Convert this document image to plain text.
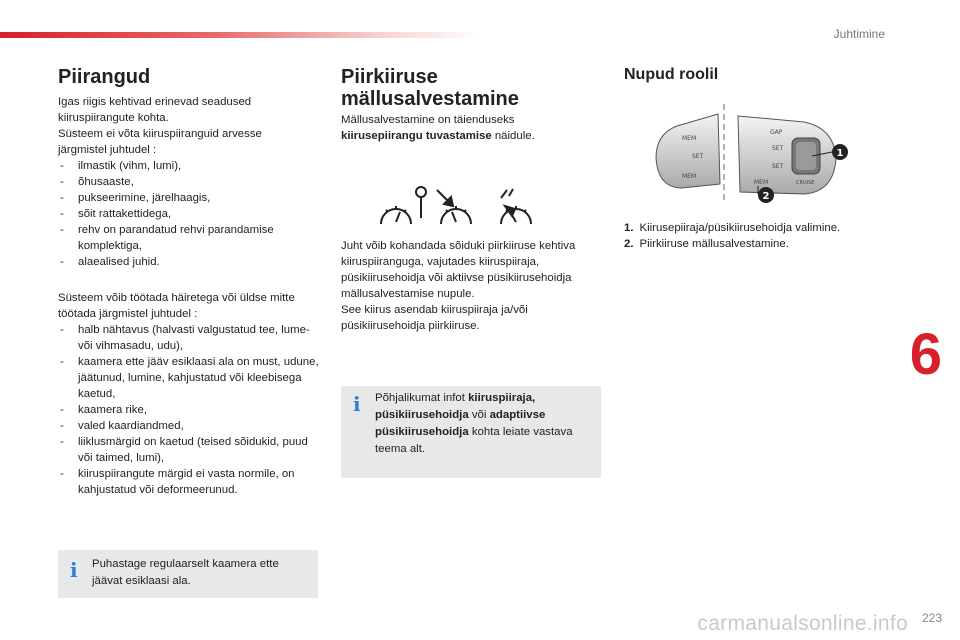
Juhtimine
6
223
carmanualsonline.info
Piirangud

Igas riigis kehtivad erinevad seadused

kiiruspiirangute kohta.

Süsteem ei võta kiiruspiiranguid arvesse

järgmistel juhtudel :

- ilmastik (vihm, lumi),
- õhusaaste,
- pukseerimine, järelhaagis,
- sõit rattakettidega,
- rehv on parandatud rehvi parandamise komplektiga,
- alaealised juhid.

Süsteem võib töötada häiretega või üldse mitte

töötada järgmistel juhtudel :

- halb nähtavus (halvasti valgustatud tee, lume- või vihmasadu, udu),
- kaamera ette jääv esiklaasi ala on must, udune, jäätunud, lumine, kahjustatud või kleebisega kaetud,
- kaamera rike,
- valed kaardiandmed,
- liiklusmärgid on kaetud (teised sõidukid, puud või taimed, lumi),
- kiiruspiirangute märgid ei vasta normile, on kahjustatud või deformeerunud.
i Puhastage regulaarselt kaamera ette jäävat esiklaasi ala.

Piirkiiruse
mällusalvestamine

Mällusalvestamine on täienduseks

kiirusepiirangu tuvastamise näidule.

Juht võib kohandada sõiduki piirkiiruse kehtiva

kiiruspiiranguga, vajutades kiiruspiiraja,

püsikiirusehoidja või aktiivse püsikiirusehoidja

mällusalvestamise nupule.

See kiirus asendab kiiruspiiraja ja/või

püsikiirusehoidja piirkiiruse.

i Põhjalikumat infot kiiruspiiraja,
püsikiirusehoidja või adaptiivse
püsikiirusehoidja kohta leiate vastava
teema alt.

Nupud roolil
MEM
SET
MEM
GAP
SET
SET
MEM	CRUISE
1
2
1. Kiirusepiiraja/püsikiirusehoidja valimine.
2. Piirkiiruse mällusalvestamine.
